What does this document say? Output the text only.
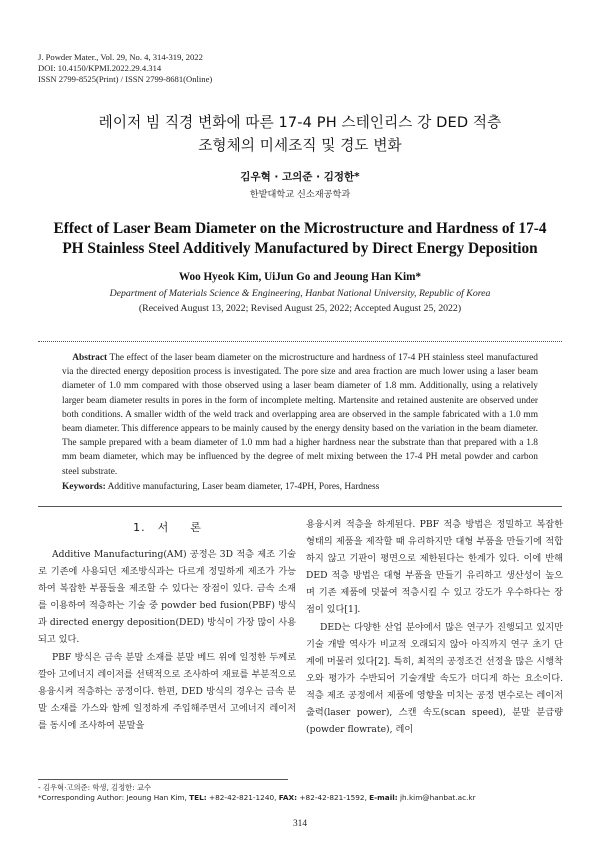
J. Powder Mater., Vol. 29, No. 4, 314-319, 2022
DOI: 10.4150/KPMI.2022.29.4.314
ISSN 2799-8525(Print) / ISSN 2799-8681(Online)
레이저 빔 직경 변화에 따른 17-4 PH 스테인리스 강 DED 적층
조형체의 미세조직 및 경도 변화
김우혁 · 고의준 · 김정한*
한밭대학교 신소재공학과
Effect of Laser Beam Diameter on the Microstructure and Hardness of 17-4
PH Stainless Steel Additively Manufactured by Direct Energy Deposition
Woo Hyeok Kim, UiJun Go and Jeoung Han Kim*
Department of Materials Science & Engineering, Hanbat National University, Republic of Korea
(Received August 13, 2022; Revised August 25, 2022; Accepted August 25, 2022)
Abstract The effect of the laser beam diameter on the microstructure and hardness of 17-4 PH stainless steel manufactured via the directed energy deposition process is investigated. The pore size and area fraction are much lower using a laser beam diameter of 1.0 mm compared with those observed using a laser beam diameter of 1.8 mm. Additionally, using a relatively larger beam diameter results in pores in the form of incomplete melting. Martensite and retained austenite are observed under both conditions. A smaller width of the weld track and overlapping area are observed in the sample fabricated with a 1.0 mm beam diameter. This difference appears to be mainly caused by the energy density based on the variation in the beam diameter. The sample prepared with a beam diameter of 1.0 mm had a higher hardness near the substrate than that prepared with a 1.8 mm beam diameter, which may be influenced by the degree of melt mixing between the 17-4 PH metal powder and carbon steel substrate.
Keywords: Additive manufacturing, Laser beam diameter, 17-4PH, Pores, Hardness
1. 서 론

Additive Manufacturing(AM) 공정은 3D 적층 제조 기술로 기존에 사용되던 제조방식과는 다르게 정밀하게 제조가 가능하여 복잡한 부품들을 제조할 수 있다는 장점이 있다. 금속 소재를 이용하여 적층하는 기술 중 powder bed fusion(PBF) 방식과 directed energy deposition(DED) 방식이 가장 많이 사용되고 있다.

PBF 방식은 금속 분말 소재를 분말 베드 위에 일정한 두께로 깔아 고에너지 레이저를 선택적으로 조사하여 재료를 부분적으로 용융시켜 적층하는 공정이다. 한편, DED 방식의 경우는 금속 분말 소재를 가스와 함께 일정하게 주입해주면서 고에너지 레이저를 동시에 조사하여 분말을

용융시켜 적층을 하게된다. PBF 적층 방법은 정밀하고 복잡한 형태의 제품을 제작할 때 유리하지만 대형 부품을 만들기에 적합하지 않고 기판이 평면으로 제한된다는 한계가 있다. 이에 반해 DED 적층 방법은 대형 부품을 만들기 유리하고 생산성이 높으며 기존 제품에 덧붙여 적층시킬 수 있고 강도가 우수하다는 장점이 있다[1].

DED는 다양한 산업 분야에서 많은 연구가 진행되고 있지만 기술 개발 역사가 비교적 오래되지 않아 아직까지 연구 초기 단계에 머물러 있다[2]. 특히, 최적의 공정조건 선정을 많은 시행착오와 평가가 수반되어 기술개발 속도가 더디게 하는 요소이다. 적층 제조 공정에서 제품에 영향을 미치는 공정 변수로는 레이저 출력(laser power), 스캔 속도(scan speed), 분말 분급량(powder flowrate), 레이

- 김우혁·고의준: 학생, 김정한: 교수
*Corresponding Author: Jeoung Han Kim, TEL: +82-42-821-1240, FAX: +82-42-821-1592, E-mail: jh.kim@hanbat.ac.kr
314
